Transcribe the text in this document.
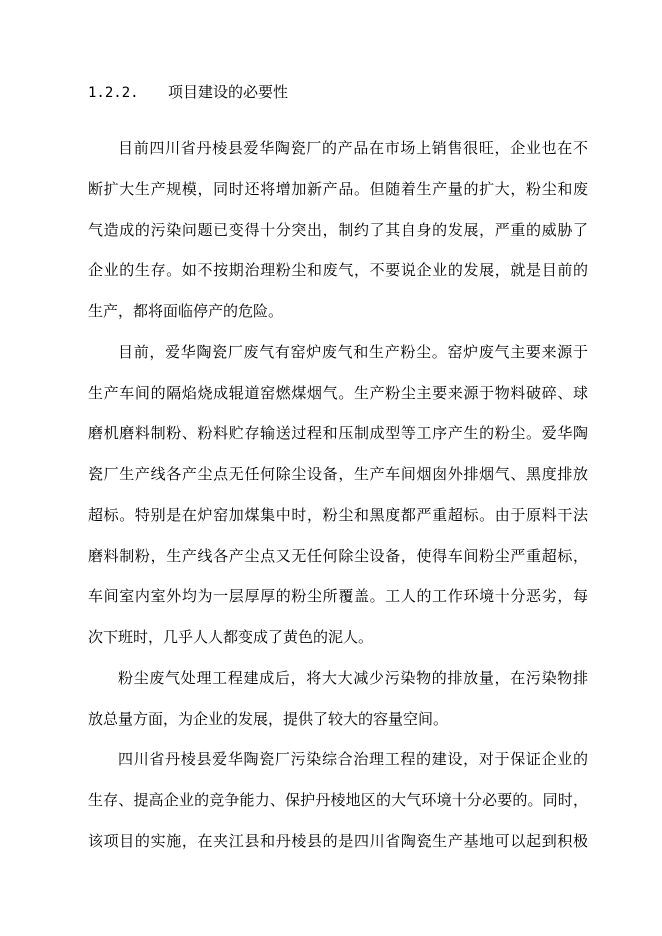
1.2.2. 项目建设的必要性
目前四川省丹棱县爱华陶瓷厂的产品在市场上销售很旺，企业也在不
断扩大生产规模，同时还将增加新产品。但随着生产量的扩大，粉尘和废
气造成的污染问题已变得十分突出，制约了其自身的发展，严重的威胁了
企业的生存。如不按期治理粉尘和废气，不要说企业的发展，就是目前的
生产，都将面临停产的危险。
目前，爱华陶瓷厂废气有窑炉废气和生产粉尘。窑炉废气主要来源于
生产车间的隔焰烧成辊道窑燃煤烟气。生产粉尘主要来源于物料破碎、球
磨机磨料制粉、粉料贮存输送过程和压制成型等工序产生的粉尘。爱华陶
瓷厂生产线各产尘点无任何除尘设备，生产车间烟囱外排烟气、黑度排放
超标。特别是在炉窑加煤集中时，粉尘和黑度都严重超标。由于原料干法
磨料制粉，生产线各产尘点又无任何除尘设备，使得车间粉尘严重超标，
车间室内室外均为一层厚厚的粉尘所覆盖。工人的工作环境十分恶劣，每
次下班时，几乎人人都变成了黄色的泥人。
粉尘废气处理工程建成后，将大大减少污染物的排放量，在污染物排
放总量方面，为企业的发展，提供了较大的容量空间。
四川省丹棱县爱华陶瓷厂污染综合治理工程的建设，对于保证企业的
生存、提高企业的竞争能力、保护丹棱地区的大气环境十分必要的。同时，
该项目的实施，在夹江县和丹棱县的是四川省陶瓷生产基地可以起到积极
